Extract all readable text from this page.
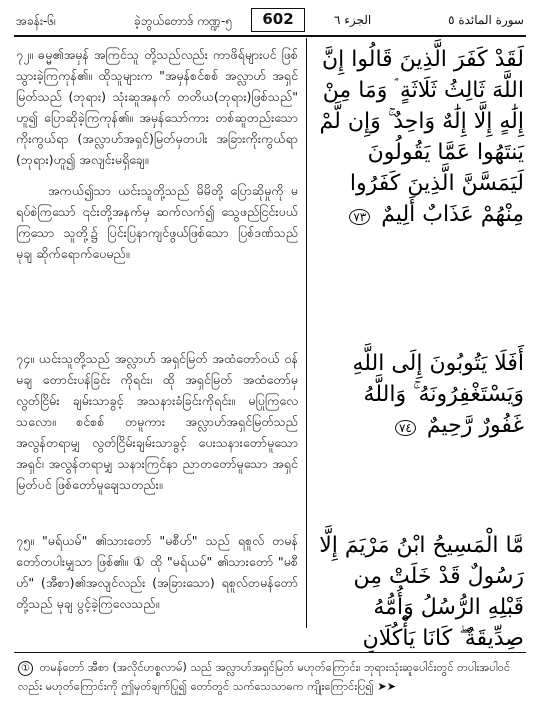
အခန်း-၆၊	ခဲ့ဘွယ်တောဒ် ကဏ္ဍ-၅	602	الجزء ٦	سورة المائدة ٥

၇၂။ ဓမ္မ၏အမှန် အကြင်သူ တို့သည်လည်း ကာဖိရ်များပင် ဖြစ်သွားခဲ့ကြကုန်၏။ ထိုသူများက "အမှန်စင်စစ် အလ္လာဟ် အရှင်မြတ်သည် (ဘုရား) သုံးဆူအနက် တတိယ(ဘုရား)ဖြစ်သည်" ဟူ၍ ပြောဆိုခဲ့ကြကုန်၏။ အမှန်သော်ကား တစ်ဆူတည်းသော ကိုးကွယ်ရာ (အလ္လာဟ်အရှင်)မြတ်မှတပါး အခြားကိုးကွယ်ရာ (ဘုရား)ဟူ၍ အလျင်းမရှိချေ။

အကယ်၍သာ ယင်းသူတို့သည် မိမိတို့ ပြောဆိုမှုကို မရပ်စဲကြသော် ၎င်းတို့အနက်မှ ဆက်လက်၍ သွေဖည်ငြင်းပယ်ကြသော သူတို့၌ ပြင်းပြနာကျင်ဖွယ်ဖြစ်သော ပြစ်ဒဏ်သည် မုချ ဆိုက်ရောက်ပေမည်။

၇၄။ ယင်းသူတို့သည် အလ္လာဟ် အရှင်မြတ် အထံတော်ဝယ် ဝန်မချ တောင်းပန်ခြင်း ကိုရင်း၊ ထို အရှင်မြတ် အထံတော်မှ လွတ်ငြိမ်း ချမ်းသာခွင့် အသနားခံခြင်းကိုရင်း။ မပြုကြလေသလော။ စင်စစ် တမူကား အလ္လာဟ်အရှင်မြတ်သည် အလွန်တရာမျှ လွတ်ငြိမ်းချမ်းသာခွင့် ပေးသနားတော်မူသောအရှင်၊ အလွန်တရာမျှ သနားကြင်နာ ညာတတော်မူသော အရှင်မြတ်ပင် ဖြစ်တော်မူချေသတည်း။

၇၅။ "မရ်ယမ်" ၏သားတော် "မစီဟ်" သည် ရစူလ် တမန်တော်တပါးမျှသာ ဖြစ်၏။ ① ထို "မရ်ယမ်" ၏သားတော် "မစီဟ်" (အီစာ)၏အလျင်လည်း (အခြားသော) ရစူလ်တမန်တော်တို့သည် မုချ ပွင့်ခဲ့ကြလေသည်။

لَقَدْ كَفَرَ الَّذِينَ قَالُوا إِنَّ اللَّهَ ثَالِثُ ثَلَاثَةٍ ۘ وَمَا مِنْ إِلَٰهٍ إِلَّا إِلَٰهٌ وَاحِدٌ ۚ وَإِن لَّمْ يَنتَهُوا عَمَّا يَقُولُونَ لَيَمَسَّنَّ الَّذِينَ كَفَرُوا مِنْهُمْ عَذَابٌ أَلِيمٌ ٧٣
أَفَلَا يَتُوبُونَ إِلَى اللَّهِ وَيَسْتَغْفِرُونَهُ ۚ وَاللَّهُ غَفُورٌ رَّحِيمٌ ٧٤
مَّا الْمَسِيحُ ابْنُ مَرْيَمَ إِلَّا رَسُولٌ قَدْ خَلَتْ مِن قَبْلِهِ الرُّسُلُ وَأُمُّهُ صِدِّيقَةٌ ۖ كَانَا يَأْكُلَانِ
① တမန်တော် အီစာ (အလိုင်ဟစ္စလာမ်) သည် အလ္လာဟ်အရှင်မြတ် မဟုတ်ကြောင်း၊ ဘုရားသုံးဆူပေါင်းတွင် တပါးအပါဝင်လည်း မဟုတ်ကြောင်းကို ဤမှတ်ချက်ပြု၍ တော်တွင် သက်သေသာဓက ကျိုးကြောင်းပြ၍ ➤➤
